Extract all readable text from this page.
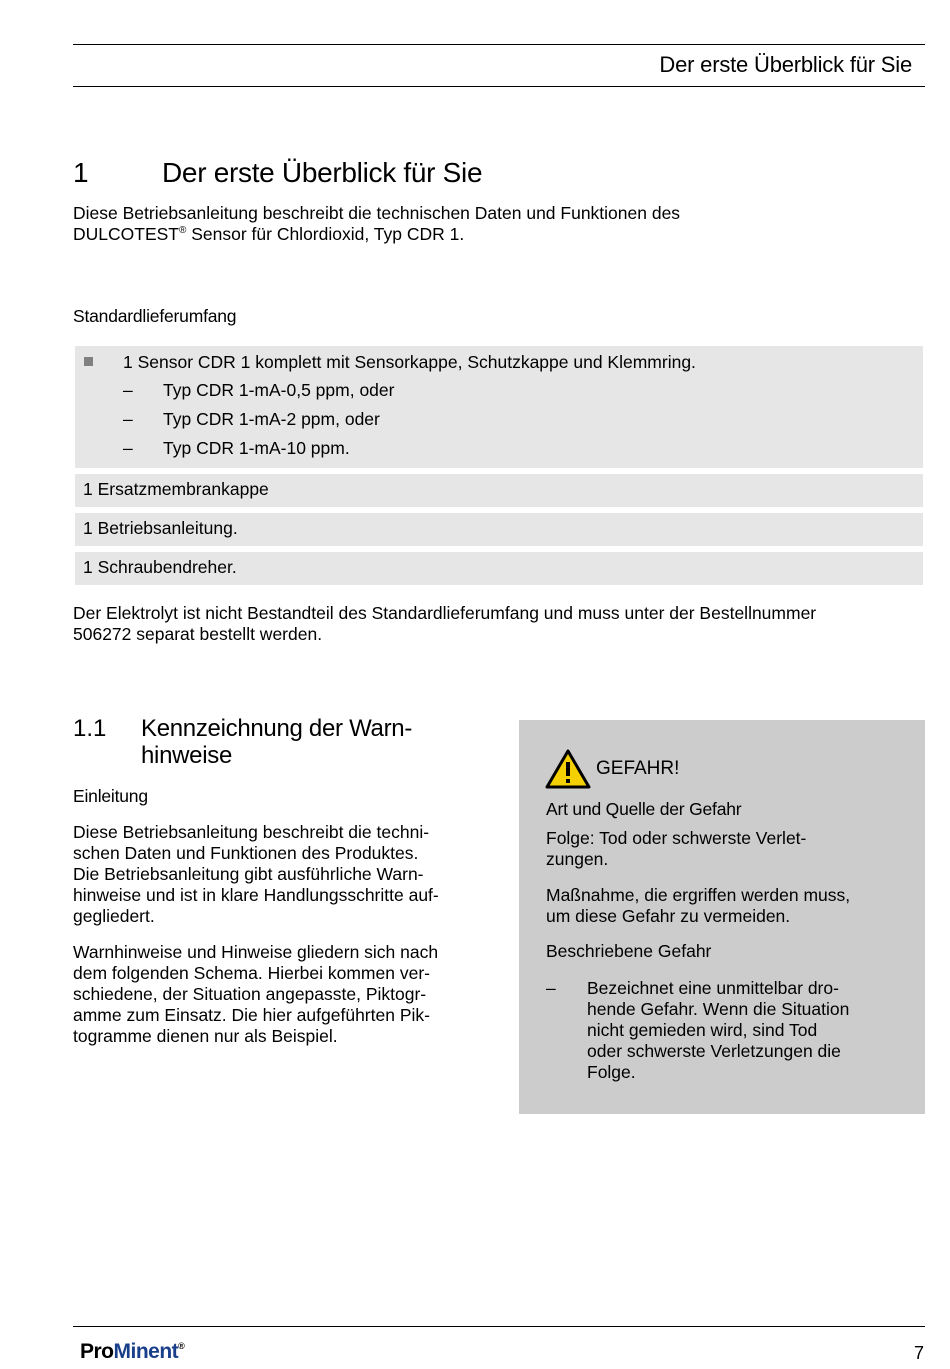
Der erste Überblick für Sie
1	Der erste Überblick für Sie
Diese Betriebsanleitung beschreibt die technischen Daten und Funktionen des
DULCOTEST® Sensor für Chlordioxid, Typ CDR 1.
Standardlieferumfang
1 Sensor CDR 1 komplett mit Sensorkappe, Schutzkappe und Klemmring.
– Typ CDR 1-mA-0,5 ppm, oder
– Typ CDR 1-mA-2 ppm, oder
– Typ CDR 1-mA-10 ppm.
1 Ersatzmembrankappe
1 Betriebsanleitung.
1 Schraubendreher.
Der Elektrolyt ist nicht Bestandteil des Standardlieferumfang und muss unter der Bestellnummer
506272 separat bestellt werden.
1.1 Kennzeichnung der Warn-
hinweise
Einleitung
Diese Betriebsanleitung beschreibt die techni-
schen Daten und Funktionen des Produktes.
Die Betriebsanleitung gibt ausführliche Warn-
hinweise und ist in klare Handlungsschritte auf-
gegliedert.
Warnhinweise und Hinweise gliedern sich nach
dem folgenden Schema. Hierbei kommen ver-
schiedene, der Situation angepasste, Piktogr-
amme zum Einsatz. Die hier aufgeführten Pik-
togramme dienen nur als Beispiel.
GEFAHR!
Art und Quelle der Gefahr
Folge: Tod oder schwerste Verlet-
zungen.
Maßnahme, die ergriffen werden muss,
um diese Gefahr zu vermeiden.
Beschriebene Gefahr
–	Bezeichnet eine unmittelbar dro-
hende Gefahr. Wenn die Situation
nicht gemieden wird, sind Tod
oder schwerste Verletzungen die
Folge.
ProMinent®	7
